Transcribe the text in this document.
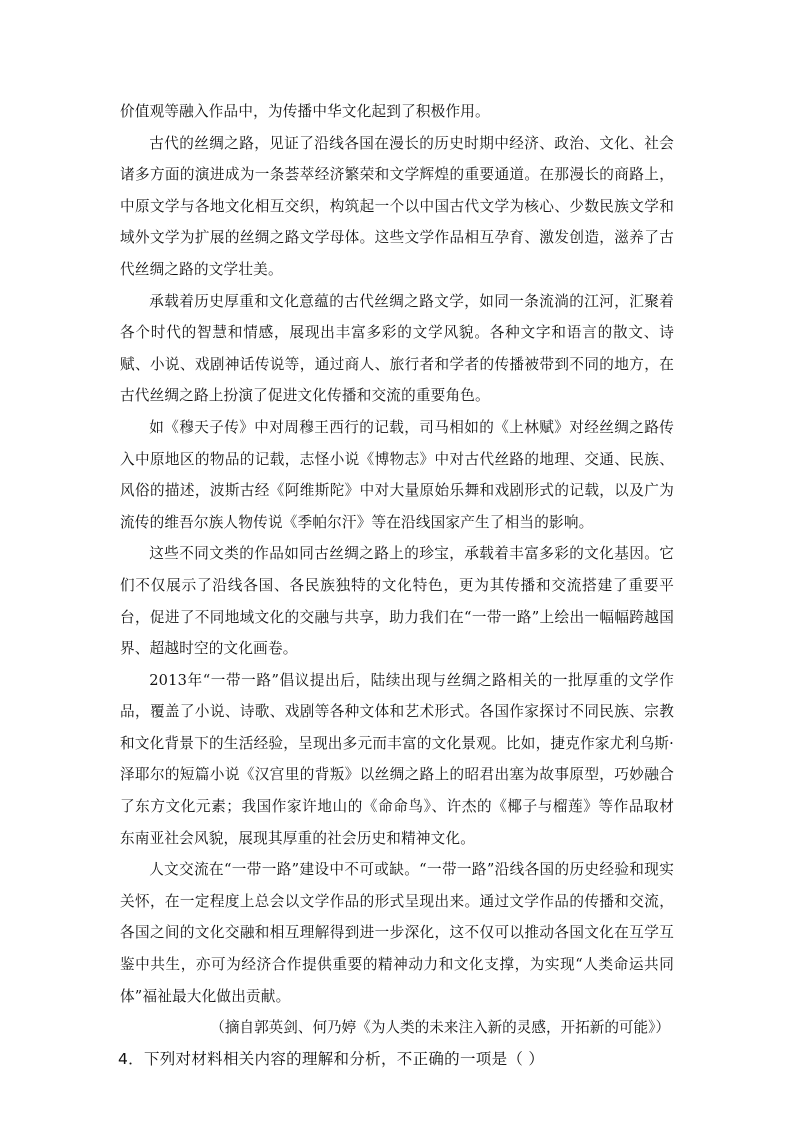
价值观等融入作品中，为传播中华文化起到了积极作用。

古代的丝绸之路，见证了沿线各国在漫长的历史时期中经济、政治、文化、社会诸多方面的演进成为一条荟萃经济繁荣和文学辉煌的重要通道。在那漫长的商路上，中原文学与各地文化相互交织，构筑起一个以中国古代文学为核心、少数民族文学和域外文学为扩展的丝绸之路文学母体。这些文学作品相互孕育、激发创造，滋养了古代丝绸之路的文学壮美。

承载着历史厚重和文化意蕴的古代丝绸之路文学，如同一条流淌的江河，汇聚着各个时代的智慧和情感，展现出丰富多彩的文学风貌。各种文字和语言的散文、诗赋、小说、戏剧神话传说等，通过商人、旅行者和学者的传播被带到不同的地方，在古代丝绸之路上扮演了促进文化传播和交流的重要角色。

如《穆天子传》中对周穆王西行的记载，司马相如的《上林赋》对经丝绸之路传入中原地区的物品的记载，志怪小说《博物志》中对古代丝路的地理、交通、民族、风俗的描述，波斯古经《阿维斯陀》中对大量原始乐舞和戏剧形式的记载，以及广为流传的维吾尔族人物传说《季帕尔汗》等在沿线国家产生了相当的影响。

这些不同文类的作品如同古丝绸之路上的珍宝，承载着丰富多彩的文化基因。它们不仅展示了沿线各国、各民族独特的文化特色，更为其传播和交流搭建了重要平台，促进了不同地域文化的交融与共享，助力我们在“一带一路”上绘出一幅幅跨越国界、超越时空的文化画卷。

2013年“一带一路”倡议提出后，陆续出现与丝绸之路相关的一批厚重的文学作品，覆盖了小说、诗歌、戏剧等各种文体和艺术形式。各国作家探讨不同民族、宗教和文化背景下的生活经验，呈现出多元而丰富的文化景观。比如，捷克作家尤利乌斯·泽耶尔的短篇小说《汉宫里的背叛》以丝绸之路上的昭君出塞为故事原型，巧妙融合了东方文化元素；我国作家许地山的《命命鸟》、许杰的《椰子与榴莲》等作品取材东南亚社会风貌，展现其厚重的社会历史和精神文化。

人文交流在“一带一路”建设中不可或缺。“一带一路”沿线各国的历史经验和现实关怀，在一定程度上总会以文学作品的形式呈现出来。通过文学作品的传播和交流，各国之间的文化交融和相互理解得到进一步深化，这不仅可以推动各国文化在互学互鉴中共生，亦可为经济合作提供重要的精神动力和文化支撑，为实现“人类命运共同体”福祉最大化做出贡献。

（摘自郭英剑、何乃婷《为人类的未来注入新的灵感，开拓新的可能》）

4．下列对材料相关内容的理解和分析，不正确的一项是（ ）
